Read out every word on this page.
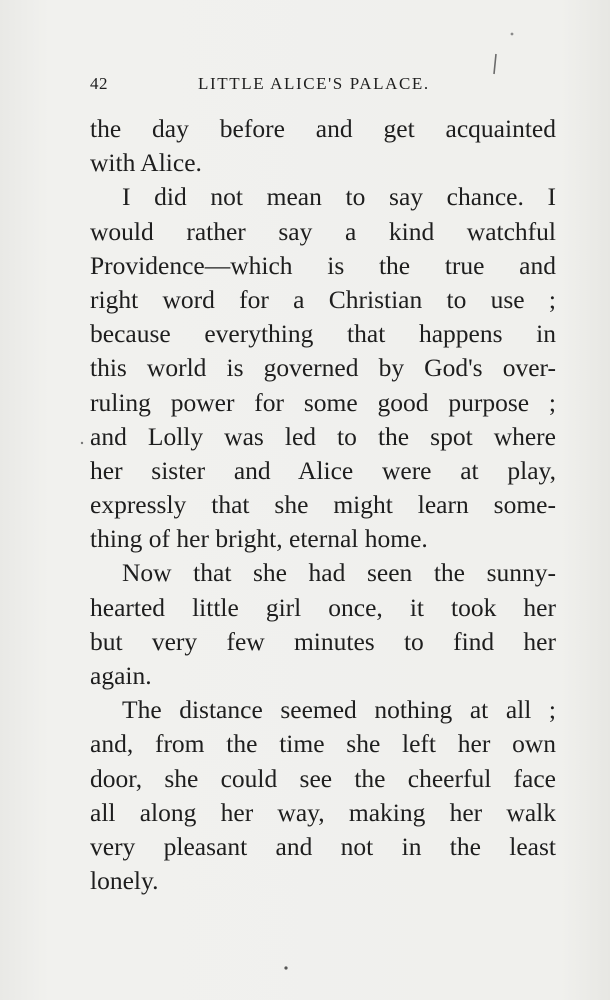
42	LITTLE ALICE'S PALACE.
the day before and get acquainted
with Alice.
I did not mean to say chance. I
would rather say a kind watchful
Providence—which is the true and
right word for a Christian to use ;
because everything that happens in
this world is governed by God's over-
ruling power for some good purpose ;
and Lolly was led to the spot where
her sister and Alice were at play,
expressly that she might learn some-
thing of her bright, eternal home.
Now that she had seen the sunny-
hearted little girl once, it took her
but very few minutes to find her
again.
The distance seemed nothing at all ;
and, from the time she left her own
door, she could see the cheerful face
all along her way, making her walk
very pleasant and not in the least
lonely.
